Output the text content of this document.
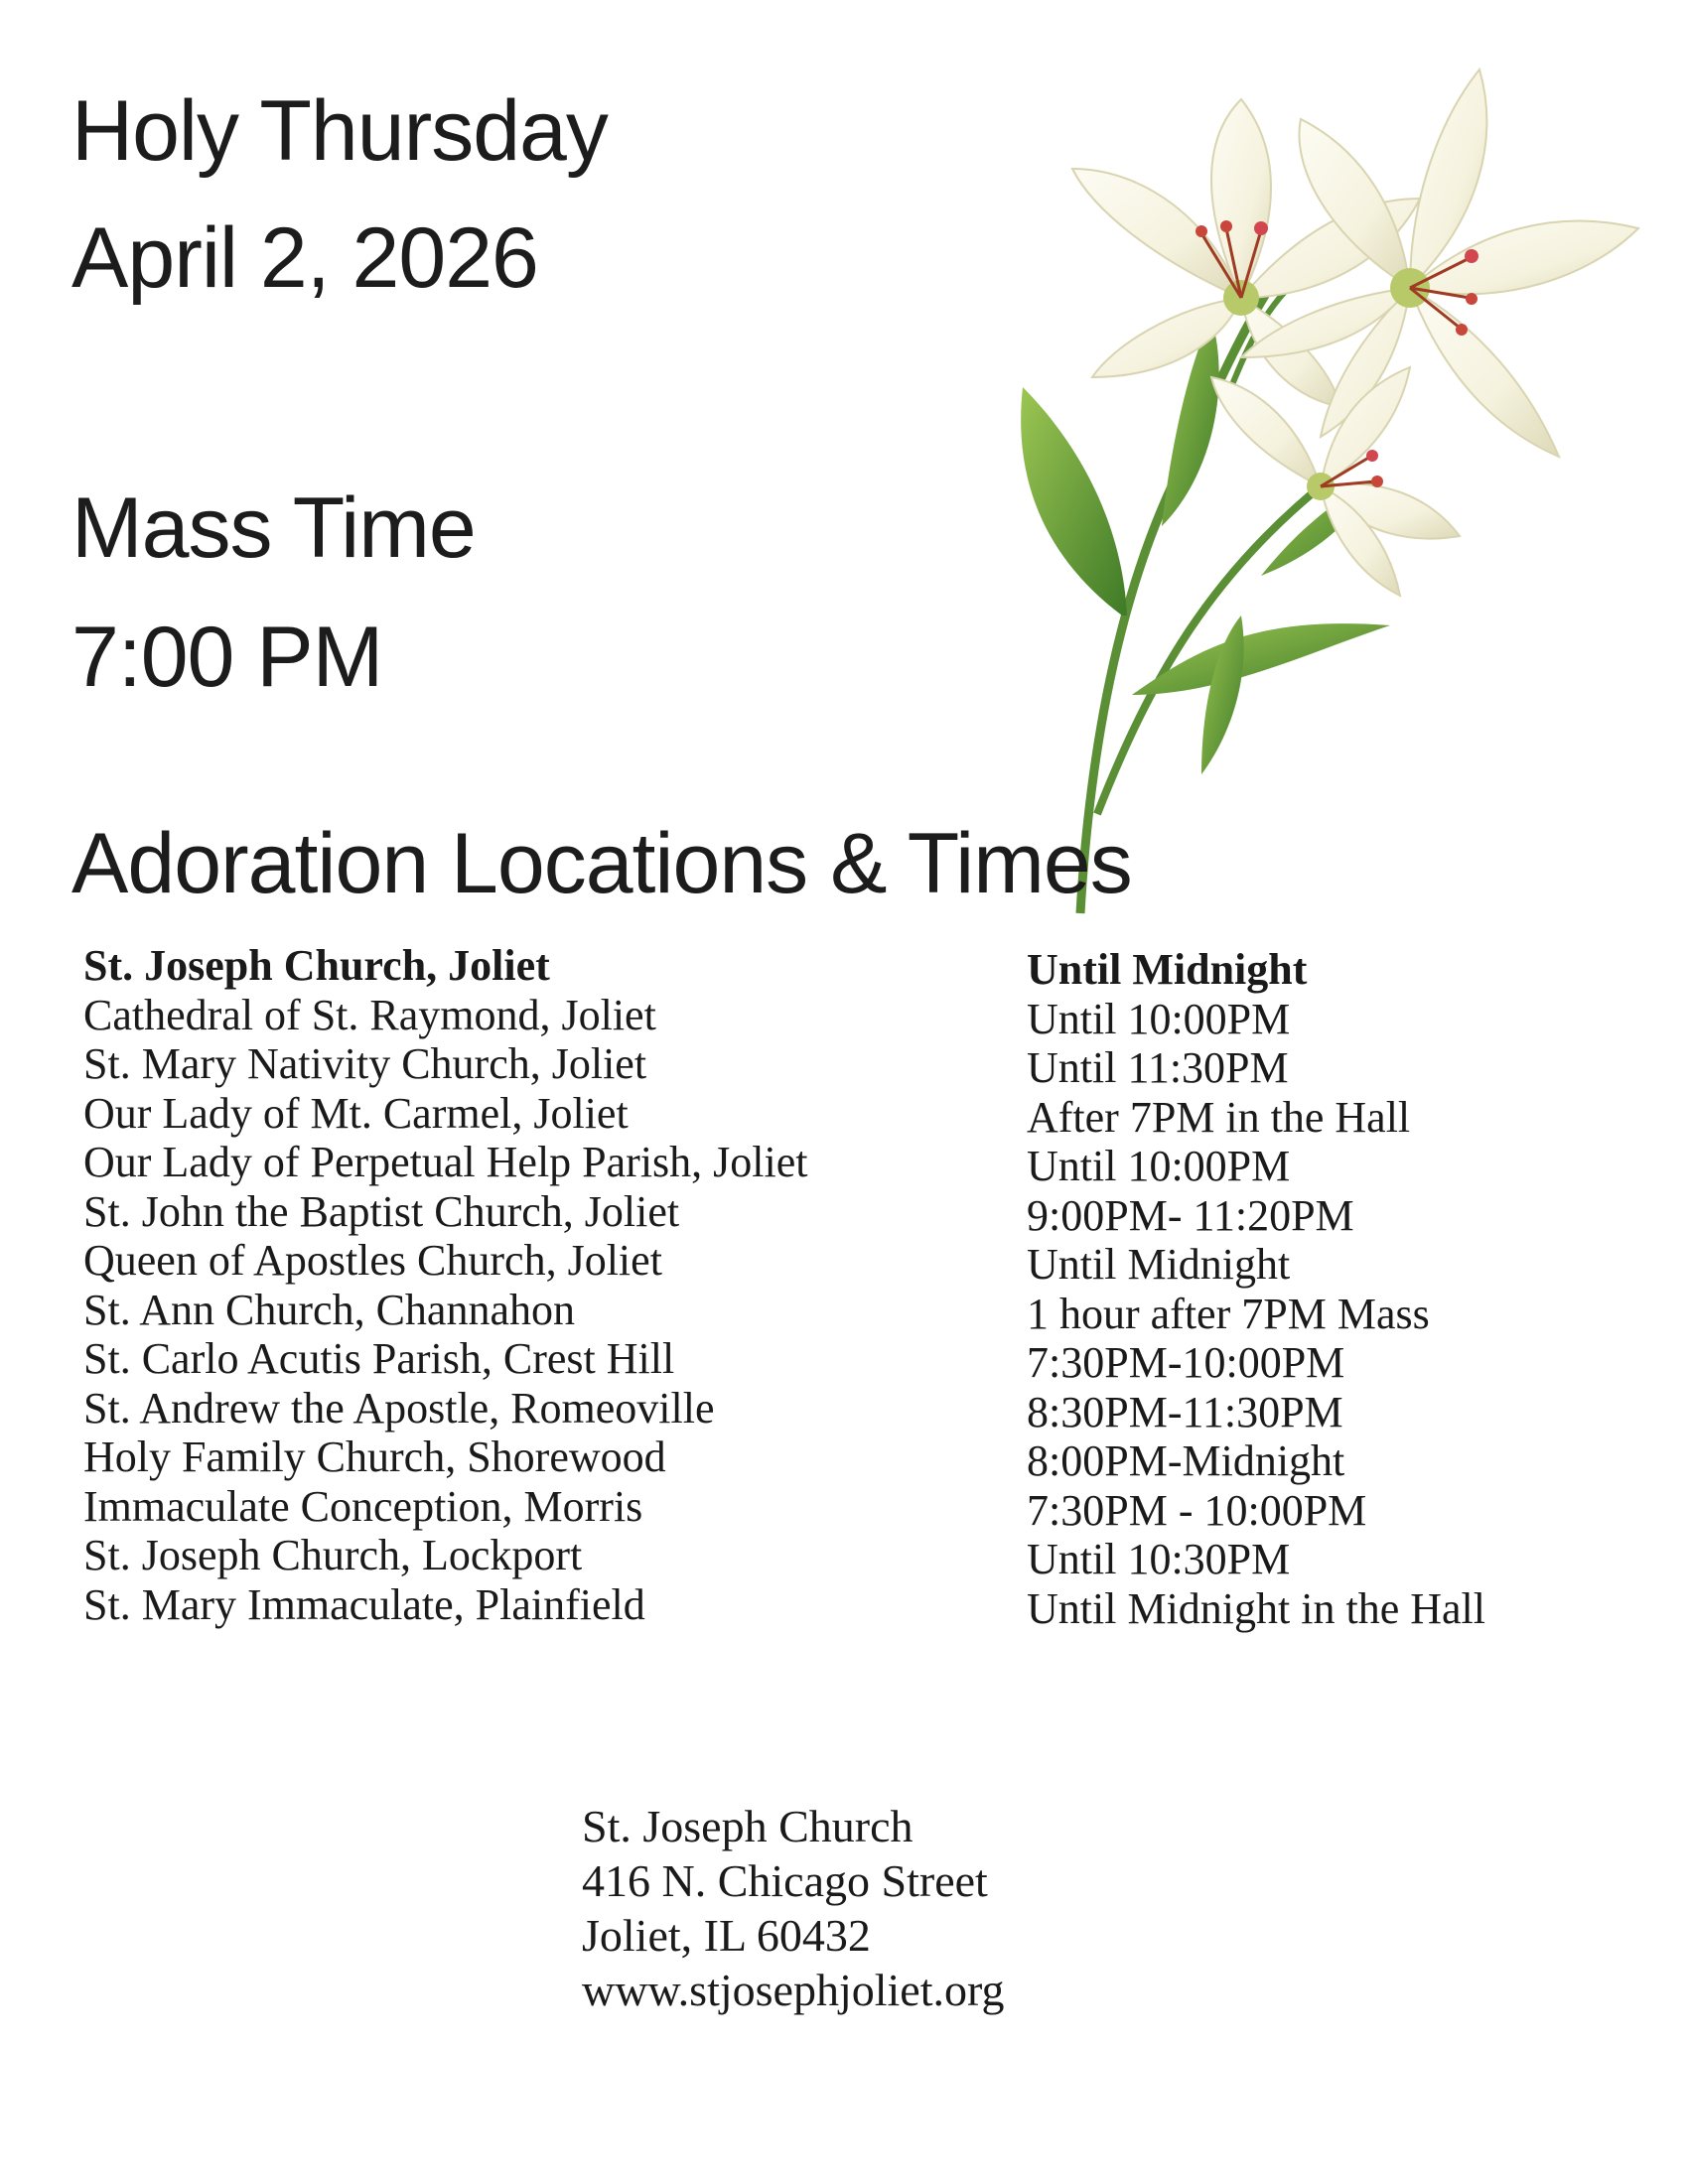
Holy Thursday
April 2, 2026
Mass Time
7:00 PM
Adoration Locations & Times
St. Joseph Church, Joliet
Cathedral of St. Raymond, Joliet
St. Mary Nativity Church, Joliet
Our Lady of Mt. Carmel, Joliet
Our Lady of Perpetual Help Parish, Joliet
St. John the Baptist Church, Joliet
Queen of Apostles Church, Joliet
St. Ann Church, Channahon
St. Carlo Acutis Parish, Crest Hill
St. Andrew the Apostle, Romeoville
Holy Family Church, Shorewood
Immaculate Conception, Morris
St. Joseph Church, Lockport
St. Mary Immaculate, Plainfield
Until Midnight
Until 10:00PM
Until 11:30PM
After 7PM in the Hall
Until 10:00PM
9:00PM- 11:20PM
Until Midnight
1 hour after 7PM Mass
7:30PM-10:00PM
8:30PM-11:30PM
8:00PM-Midnight
7:30PM - 10:00PM
Until 10:30PM
Until Midnight in the Hall
St. Joseph Church
416 N. Chicago Street
Joliet, IL 60432
www.stjosephjoliet.org
